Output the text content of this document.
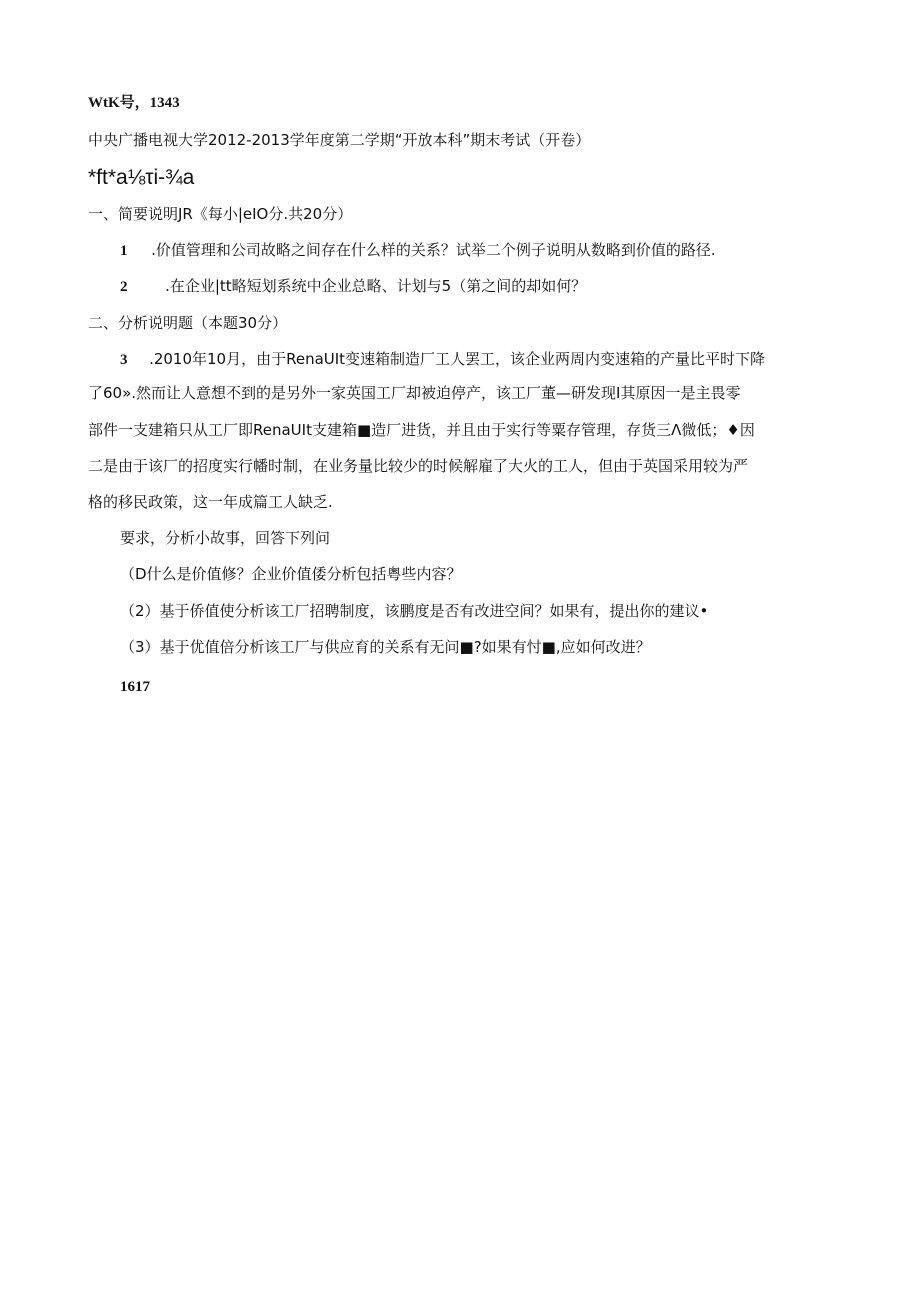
WtK号，1343
中央广播电视大学2012-2013学年度第二学期“开放本科”期末考试（开卷）
*ft*a⅛τi-¾a
一、简要说明JR《每小|eIO分.共20分）
1 .价值管理和公司故略之间存在什么样的关系？试举二个例子说明从数略到价值的路径.
2	.在企业|tt略短划系统中企业总略、计划与5（第之间的却如何？
二、分析说明题（本题30分）
3 .2010年10月，由于RenaUIt变速箱制造厂工人罢工，该企业两周内变速箱的产量比平时下降
了60».然而让人意想不到的是另外一家英国工厂却被迫停产，该工厂董—研发现I其原因一是主畏零
部件一支建箱只从工厂即RenaUIt支建箱■造厂进货，并且由于实行等粟存管理，存货三Λ微低；♦因
二是由于该厂的招度实行幡时制，在业务量比较少的时候解雇了大火的工人，但由于英国采用较为严
格的移民政策，这一年成篇工人缺乏.
要求，分析小故事，回答下列问
（D什么是价值修？企业价值倭分析包括粤些内容？
（2）基于侨值使分析该工厂招聘制度，该鹏度是否有改进空间？如果有，提出你的建议•
（3）基于优值倍分析该工厂与供应育的关系有无问■?如果有忖■,应如何改进？
1617
